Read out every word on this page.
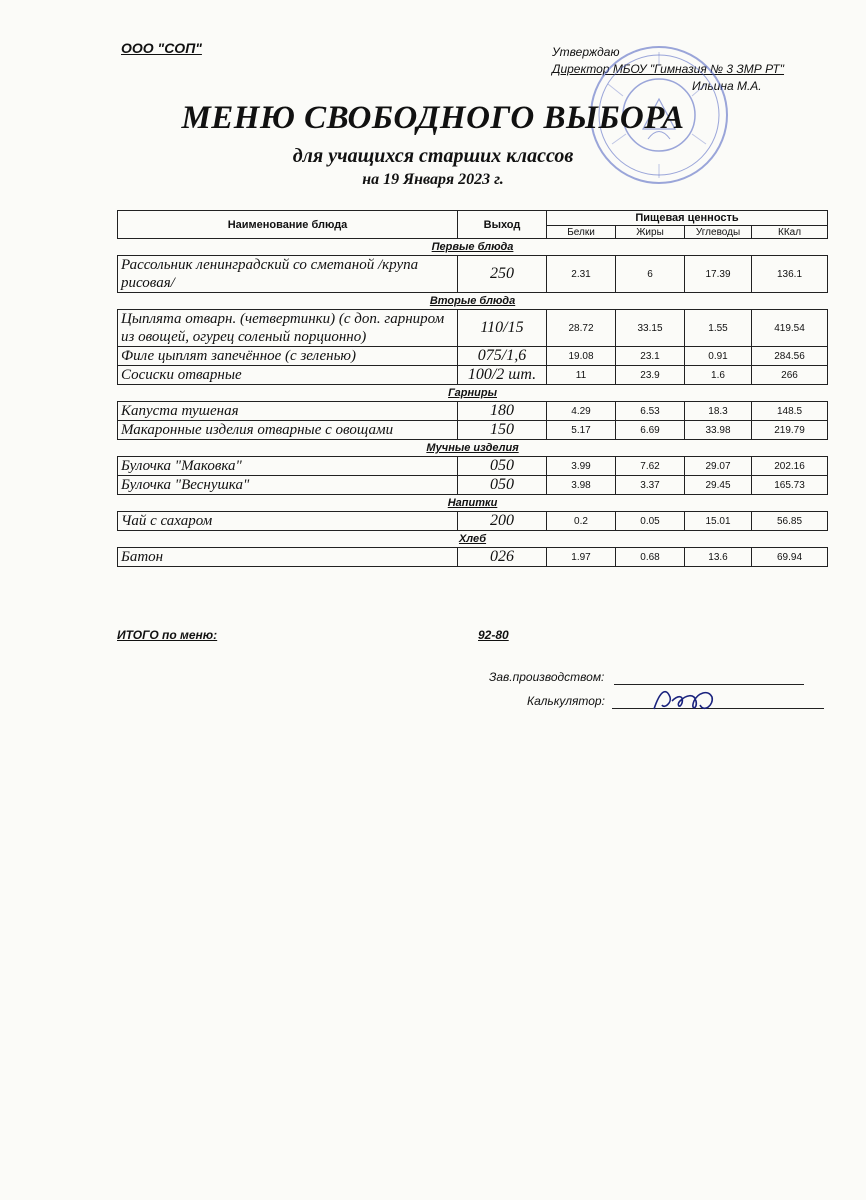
ООО "СОП"	Утверждаю
Директор МБОУ "Гимназия № 3 ЗМР РТ"
Ильина М.А.
МЕНЮ СВОБОДНОГО ВЫБОРА
для учащихся старших классов
на 19 Января 2023 г.
Наименование блюда	Выход	Пищевая ценность			
		Белки	Жиры	Углеводы	ККал
Первые блюда					
Рассольник ленинградский со сметаной /крупа рисовая/	250	2.31	6	17.39	136.1
Вторые блюда					
Цыплята отварн. (четвертинки) (с доп. гарниром из овощей, огурец соленый порционно)	110/15	28.72	33.15	1.55	419.54
Филе цыплят запечённое (с зеленью)	075/1,6	19.08	23.1	0.91	284.56
Сосиски отварные	100/2 шт.	11	23.9	1.6	266
Гарниры					
Капуста тушеная	180	4.29	6.53	18.3	148.5
Макаронные изделия отварные с овощами	150	5.17	6.69	33.98	219.79
Мучные изделия					
Булочка "Маковка"	050	3.99	7.62	29.07	202.16
Булочка "Веснушка"	050	3.98	3.37	29.45	165.73
Напитки					
Чай с сахаром	200	0.2	0.05	15.01	56.85
Хлеб					
Батон	026	1.97	0.68	13.6	69.94
ИТОГО по меню:	92-80
Зав.производством:
Калькулятор:
